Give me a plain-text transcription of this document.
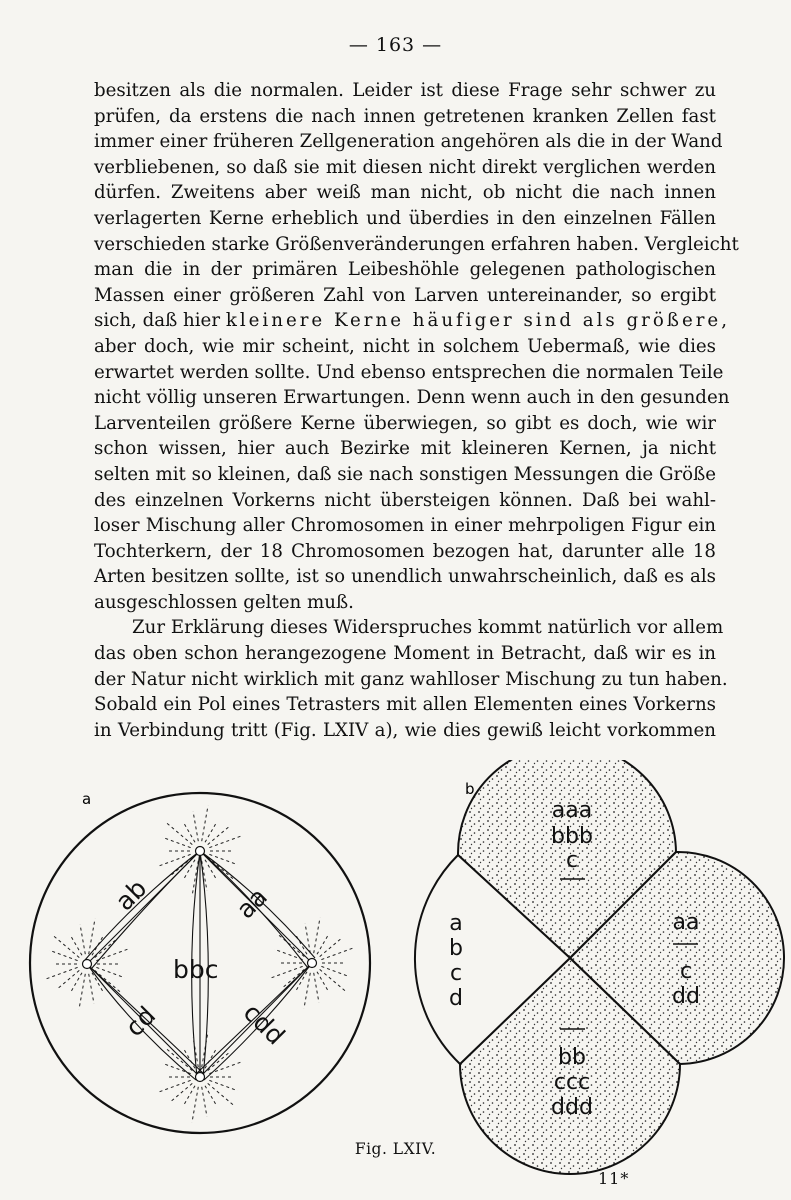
— 163 —
besitzen als die normalen. Leider ist diese Frage sehr schwer zu
prüfen, da erstens die nach innen getretenen kranken Zellen fast
immer einer früheren Zellgeneration angehören als die in der Wand
verbliebenen, so daß sie mit diesen nicht direkt verglichen werden
dürfen. Zweitens aber weiß man nicht, ob nicht die nach innen
verlagerten Kerne erheblich und überdies in den einzelnen Fällen
verschieden starke Größenveränderungen erfahren haben. Vergleicht
man die in der primären Leibeshöhle gelegenen pathologischen
Massen einer größeren Zahl von Larven untereinander, so ergibt
sich, daß hier kleinere Kerne häufiger sind als größere,
aber doch, wie mir scheint, nicht in solchem Uebermaß, wie dies
erwartet werden sollte. Und ebenso entsprechen die normalen Teile
nicht völlig unseren Erwartungen. Denn wenn auch in den gesunden
Larventeilen größere Kerne überwiegen, so gibt es doch, wie wir
schon wissen, hier auch Bezirke mit kleineren Kernen, ja nicht
selten mit so kleinen, daß sie nach sonstigen Messungen die Größe
des einzelnen Vorkerns nicht übersteigen können. Daß bei wahl-
loser Mischung aller Chromosomen in einer mehrpoligen Figur ein
Tochterkern, der 18 Chromosomen bezogen hat, darunter alle 18
Arten besitzen sollte, ist so unendlich unwahrscheinlich, daß es als
ausgeschlossen gelten muß.
Zur Erklärung dieses Widerspruches kommt natürlich vor allem
das oben schon herangezogene Moment in Betracht, daß wir es in
der Natur nicht wirklich mit ganz wahlloser Mischung zu tun haben.
Sobald ein Pol eines Tetrasters mit allen Elementen eines Vorkerns
in Verbindung tritt (Fig. LXIV a), wie dies gewiß leicht vorkommen
a
ab	aa
bbc
cd	cdd
b
aaa
bbb
c
a
b
c
d
aa
c
dd
bb
ccc
ddd
Fig. LXIV.
11*
